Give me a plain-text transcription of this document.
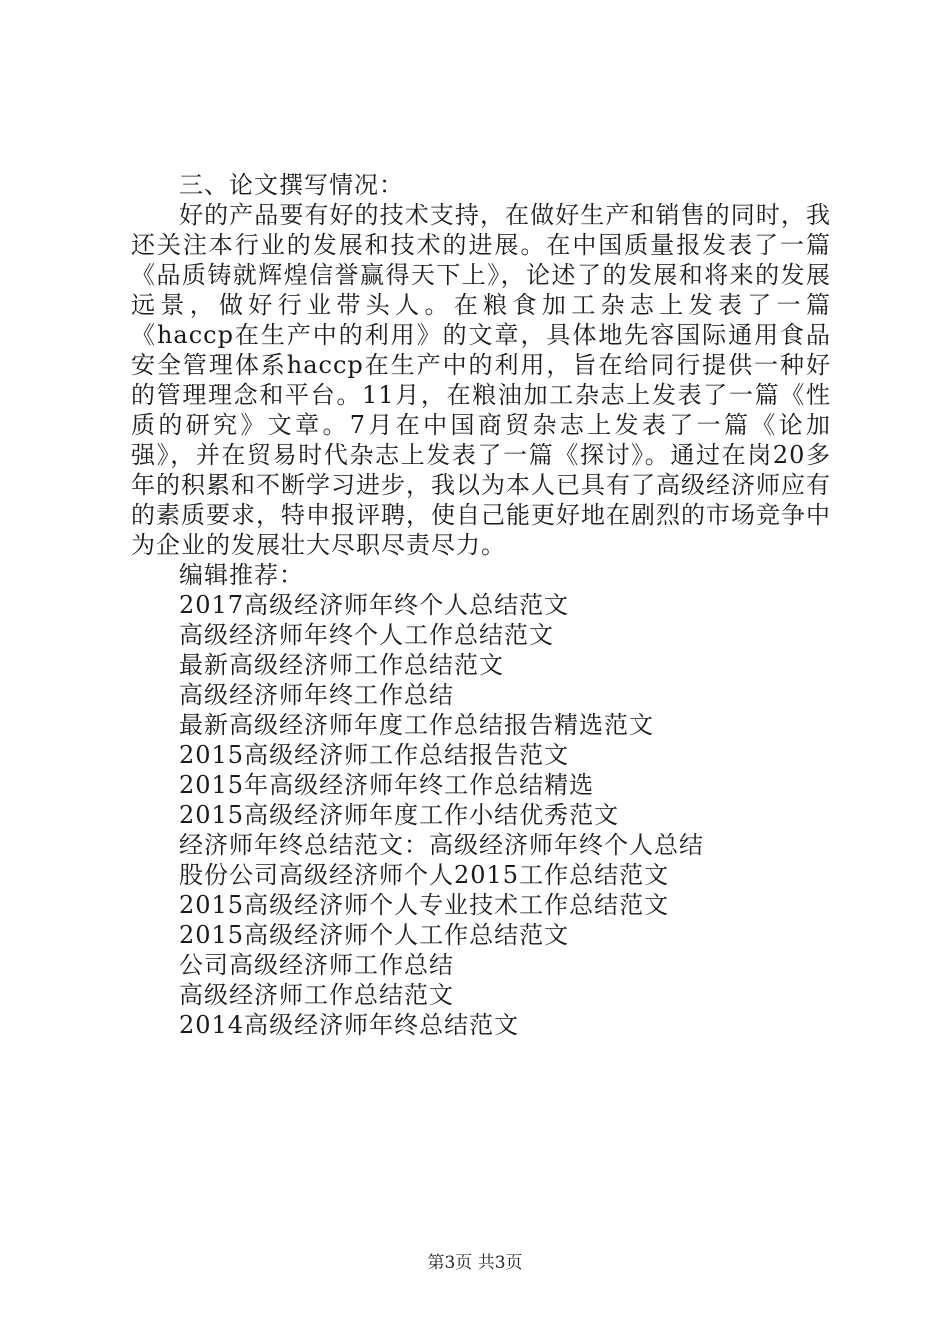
三、论文撰写情况：

好的产品要有好的技术支持，在做好生产和销售的同时，我还关注本行业的发展和技术的进展。在中国质量报发表了一篇《品质铸就辉煌信誉赢得天下上》，论述了的发展和将来的发展远景，做好行业带头人。在粮食加工杂志上发表了一篇《haccp在生产中的利用》的文章，具体地先容国际通用食品安全管理体系haccp在生产中的利用，旨在给同行提供一种好的管理理念和平台。11月，在粮油加工杂志上发表了一篇《性质的研究》文章。7月在中国商贸杂志上发表了一篇《论加强》，并在贸易时代杂志上发表了一篇《探讨》。通过在岗20多年的积累和不断学习进步，我以为本人已具有了高级经济师应有的素质要求，特申报评聘，使自己能更好地在剧烈的市场竞争中为企业的发展壮大尽职尽责尽力。

编辑推荐：

2017高级经济师年终个人总结范文
高级经济师年终个人工作总结范文
最新高级经济师工作总结范文
高级经济师年终工作总结
最新高级经济师年度工作总结报告精选范文
2015高级经济师工作总结报告范文
2015年高级经济师年终工作总结精选
2015高级经济师年度工作小结优秀范文
经济师年终总结范文：高级经济师年终个人总结
股份公司高级经济师个人2015工作总结范文
2015高级经济师个人专业技术工作总结范文
2015高级经济师个人工作总结范文
公司高级经济师工作总结
高级经济师工作总结范文
2014高级经济师年终总结范文
第3页 共3页
